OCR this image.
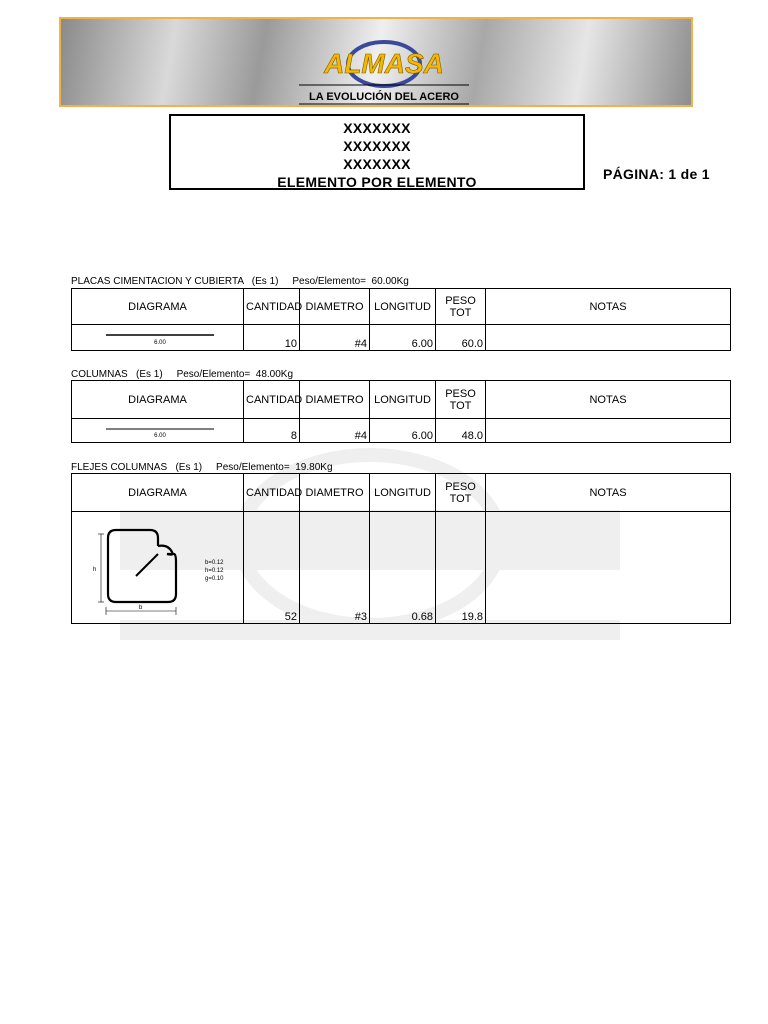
ALMASA
LA EVOLUCIÓN DEL ACERO
XXXXXXX
XXXXXXX
XXXXXXX
ELEMENTO POR ELEMENTO	PÁGINA: 1 de 1
PLACAS CIMENTACION Y CUBIERTA   (Es 1)     Peso/Elemento=  60.00Kg
DIAGRAMA	CANTIDAD	DIAMETRO	LONGITUD	PESO TOT	NOTAS

6.00	10	#4	6.00	60.0	
COLUMNAS   (Es 1)     Peso/Elemento=  48.00Kg
DIAGRAMA	CANTIDAD	DIAMETRO	LONGITUD	PESO TOT	NOTAS

6.00	8	#4	6.00	48.0	
FLEJES COLUMNAS   (Es 1)     Peso/Elemento=  19.80Kg
DIAGRAMA	CANTIDAD	DIAMETRO	LONGITUD	PESO TOT	NOTAS

h
b
b=0.12
h=0.12
g=0.10	52	#3	0.68	19.8	
